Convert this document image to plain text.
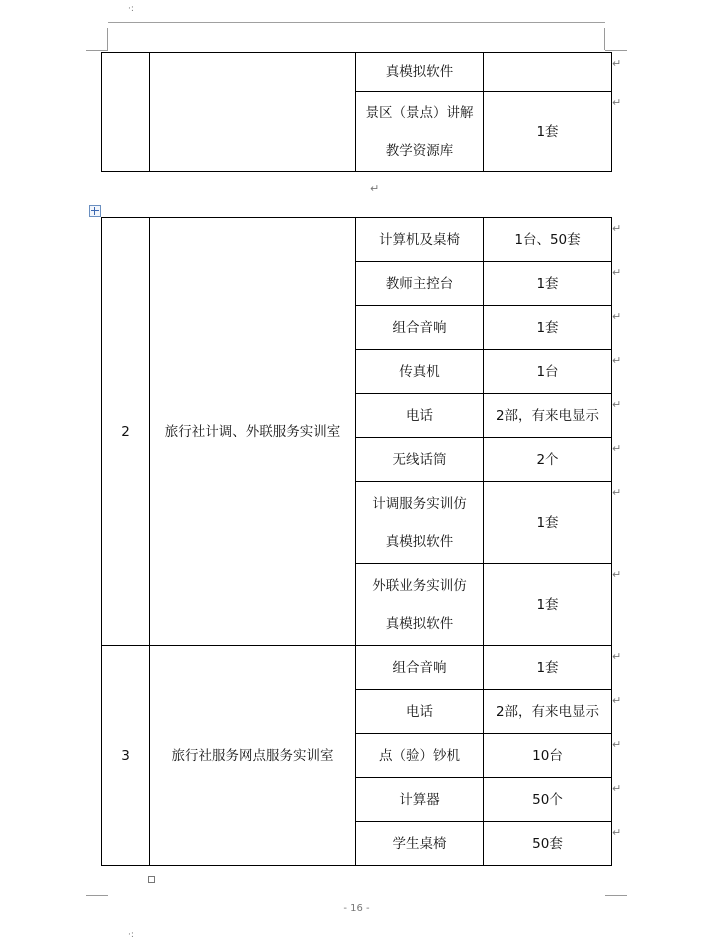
·:

		真模拟软件	

		景区（景点）讲解
教学资源库	1套
↵
2	旅行社计调、外联服务实训室	计算机及桌椅	1台、50套

		教师主控台	1套

		组合音响	1套

		传真机	1台

		电话	2部，有来电显示

		无线话筒	2个

		计调服务实训仿
真模拟软件	1套

		外联业务实训仿
真模拟软件	1套
3	旅行社服务网点服务实训室	组合音响	1套

		电话	2部，有来电显示

		点（验）钞机	10台

		计算器	50个

		学生桌椅	50套
- 16 -
·:
↵
↵
↵
↵
↵
↵
↵
↵
↵
↵
↵
↵
↵
↵
↵
